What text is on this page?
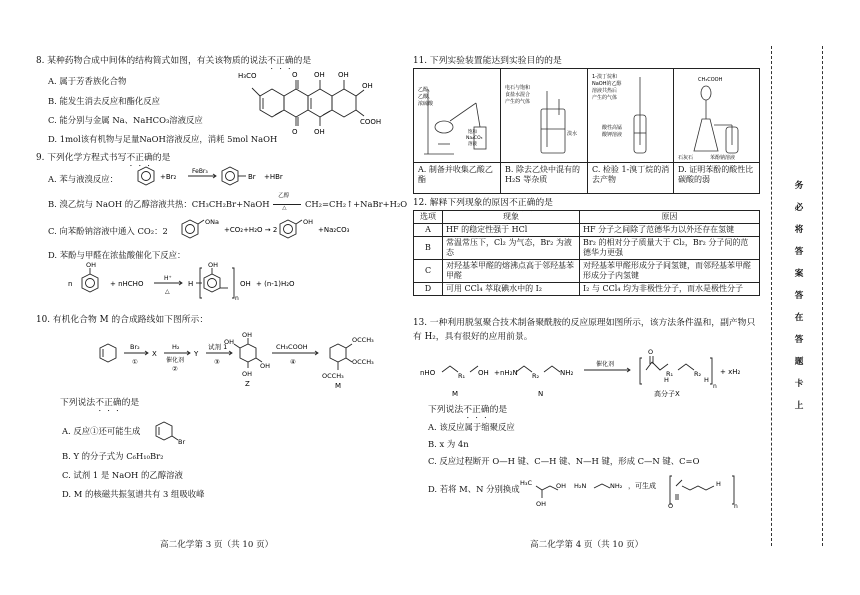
8. 某种药物合成中间体的结构简式如图，有关该物质的说法不正确的是
A. 属于芳香族化合物
B. 能发生消去反应和酯化反应
C. 能分别与金属 Na、NaHCO₃溶液反应
D. 1mol该有机物与足量NaOH溶液反应，消耗 5mol NaOH
H₃CO	O OH OH
O OH
OH
COOH
9. 下列化学方程式书写不正确的是
A. 苯与液溴反应：	+Br₂
FeBr₃
Br +HBr
B. 溴乙烷与 NaOH 的乙醇溶液共热：CH₃CH₂Br+NaOH
乙醇
△ CH₂=CH₂↑+NaBr+H₂O
C. 向苯酚钠溶液中通入 CO₂：2
ONa
+CO₂+H₂O → 2
OH
+Na₂CO₃
D. 苯酚与甲醛在浓盐酸催化下反应：
n
OH
+ nHCHO
H⁺
△
H
OH
n
OH + (n-1)H₂O
10. 有机化合物 M 的合成路线如下图所示：
Br₂
①
X
H₂
催化剂
②
Y
试剂 1
③
OH
OH
OH
OH
Z
CH₃COOH
④
OCCH₃
OCCH₃
OCCH₃
M
下列说法不正确的是
A. 反应①还可能生成
Br
B. Y 的分子式为 C₆H₁₀Br₂
C. 试剂 1 是 NaOH 的乙醇溶液
D. M 的核磁共振氢谱共有 3 组吸收峰
高二化学第 3 页（共 10 页）
11. 下列实验装置能达到实验目的的是
乙醇、
乙酸、
浓硫酸
饱和
Na₂CO₃
溶液
A. 制备并收集乙酸乙酯
电石与饱和
食盐水混合
产生的气体
溴水
B. 除去乙炔中混有的H₂S 等杂质
1-溴丁烷和
NaOH的乙醇
溶液共热后
产生的气体
酸性高锰
酸钾溶液
C. 检验 1-溴丁烷的消去产物
CH₃COOH
石灰石	苯酚钠溶液
D. 证明苯酚的酸性比碳酸的弱
12. 解释下列现象的原因不正确的是
选项	现象	原因
A	HF 的稳定性强于 HCl	HF 分子之间除了范德华力以外还存在氢键
B	常温常压下，Cl₂ 为气态，Br₂ 为液态	Br₂ 的相对分子质量大于 Cl₂，Br₂ 分子间的范德华力更强
C	对羟基苯甲醛的熔沸点高于邻羟基苯甲醛	对羟基苯甲醛形成分子间氢键，而邻羟基苯甲醛形成分子内氢键
D	可用 CCl₄ 萃取碘水中的 I₂	I₂ 与 CCl₄ 均为非极性分子，而水是极性分子
13. 一种利用脱氢聚合技术制备聚酰胺的反应原理如图所示，该方法条件温和，副产物只
有 H₂，具有很好的应用前景。
nHO	R₁ OH + nH₂N R₂	NH₂
催化剂
O
R₁
H
R₂
H
n
+ xH₂
M	N	高分子X
下列说法不正确的是
A. 该反应属于缩聚反应
B. x 为 4n
C. 反应过程断开 O—H 键、C—H 键、N—H 键，形成 C—N 键、C=O
D. 若将 M、N 分别换成
H₃C
OH
OH H₂N	NH₂ ，可生成
O
H
n
高二化学第 4 页（共 10 页）
务
必
将
答
案
答
在
答
题
卡
上
